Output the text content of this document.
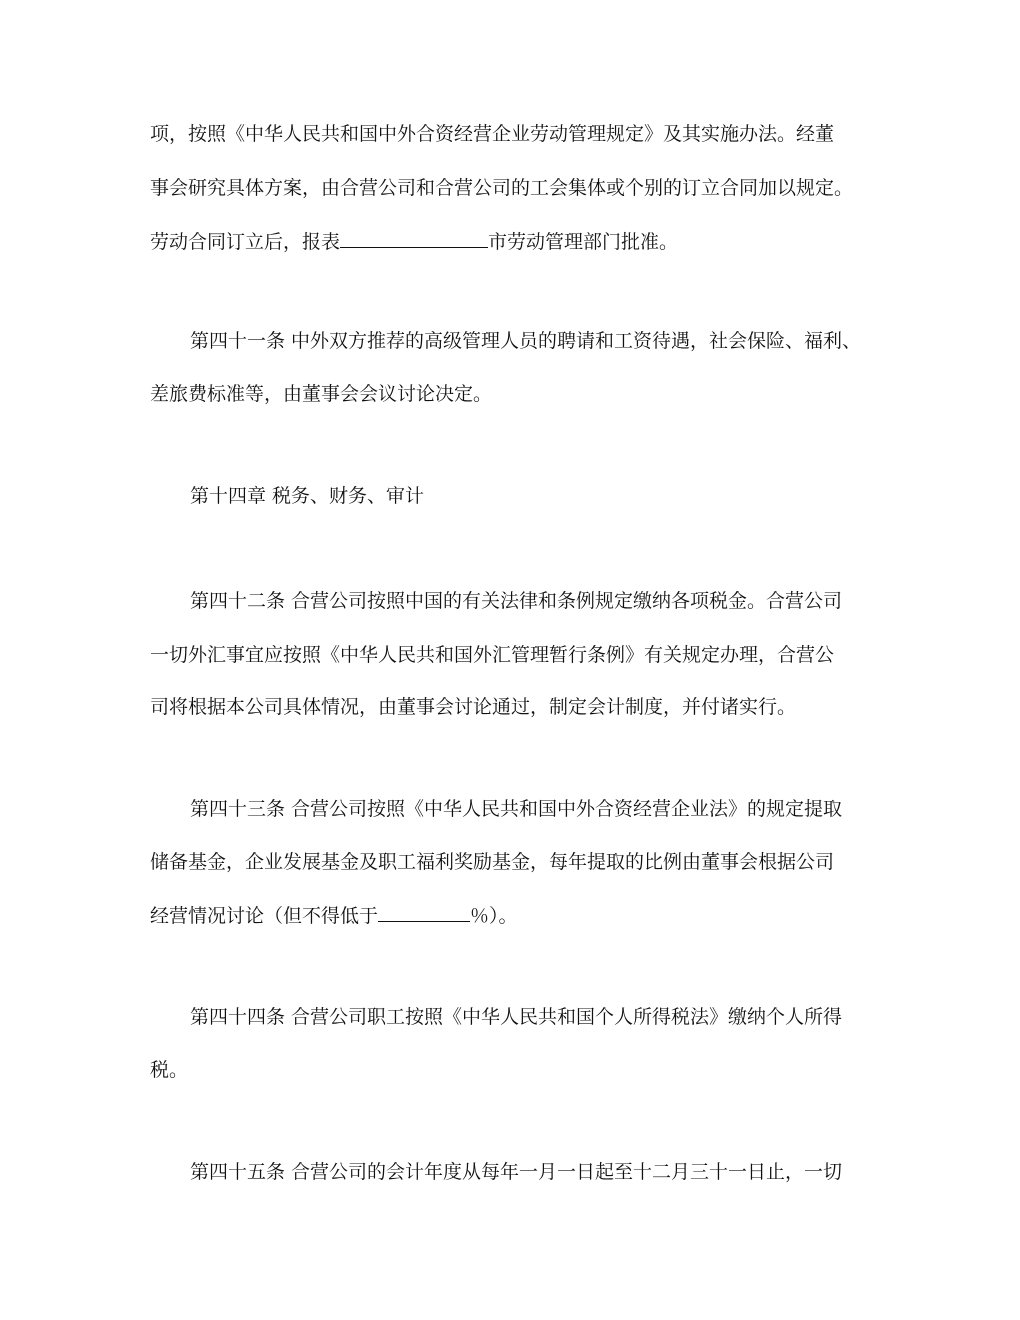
项，按照《中华人民共和国中外合资经营企业劳动管理规定》及其实施办法。经董
事会研究具体方案，由合营公司和合营公司的工会集体或个别的订立合同加以规定。
劳动合同订立后，报表	市劳动管理部门批准。
第四十一条 中外双方推荐的高级管理人员的聘请和工资待遇，社会保险、福利、
差旅费标准等，由董事会会议讨论决定。
第十四章 税务、财务、审计
第四十二条 合营公司按照中国的有关法律和条例规定缴纳各项税金。合营公司
一切外汇事宜应按照《中华人民共和国外汇管理暂行条例》有关规定办理，合营公
司将根据本公司具体情况，由董事会讨论通过，制定会计制度，并付诸实行。
第四十三条 合营公司按照《中华人民共和国中外合资经营企业法》的规定提取
储备基金，企业发展基金及职工福利奖励基金，每年提取的比例由董事会根据公司
经营情况讨论（但不得低于	％）。
第四十四条 合营公司职工按照《中华人民共和国个人所得税法》缴纳个人所得
税。
第四十五条 合营公司的会计年度从每年一月一日起至十二月三十一日止，一切
